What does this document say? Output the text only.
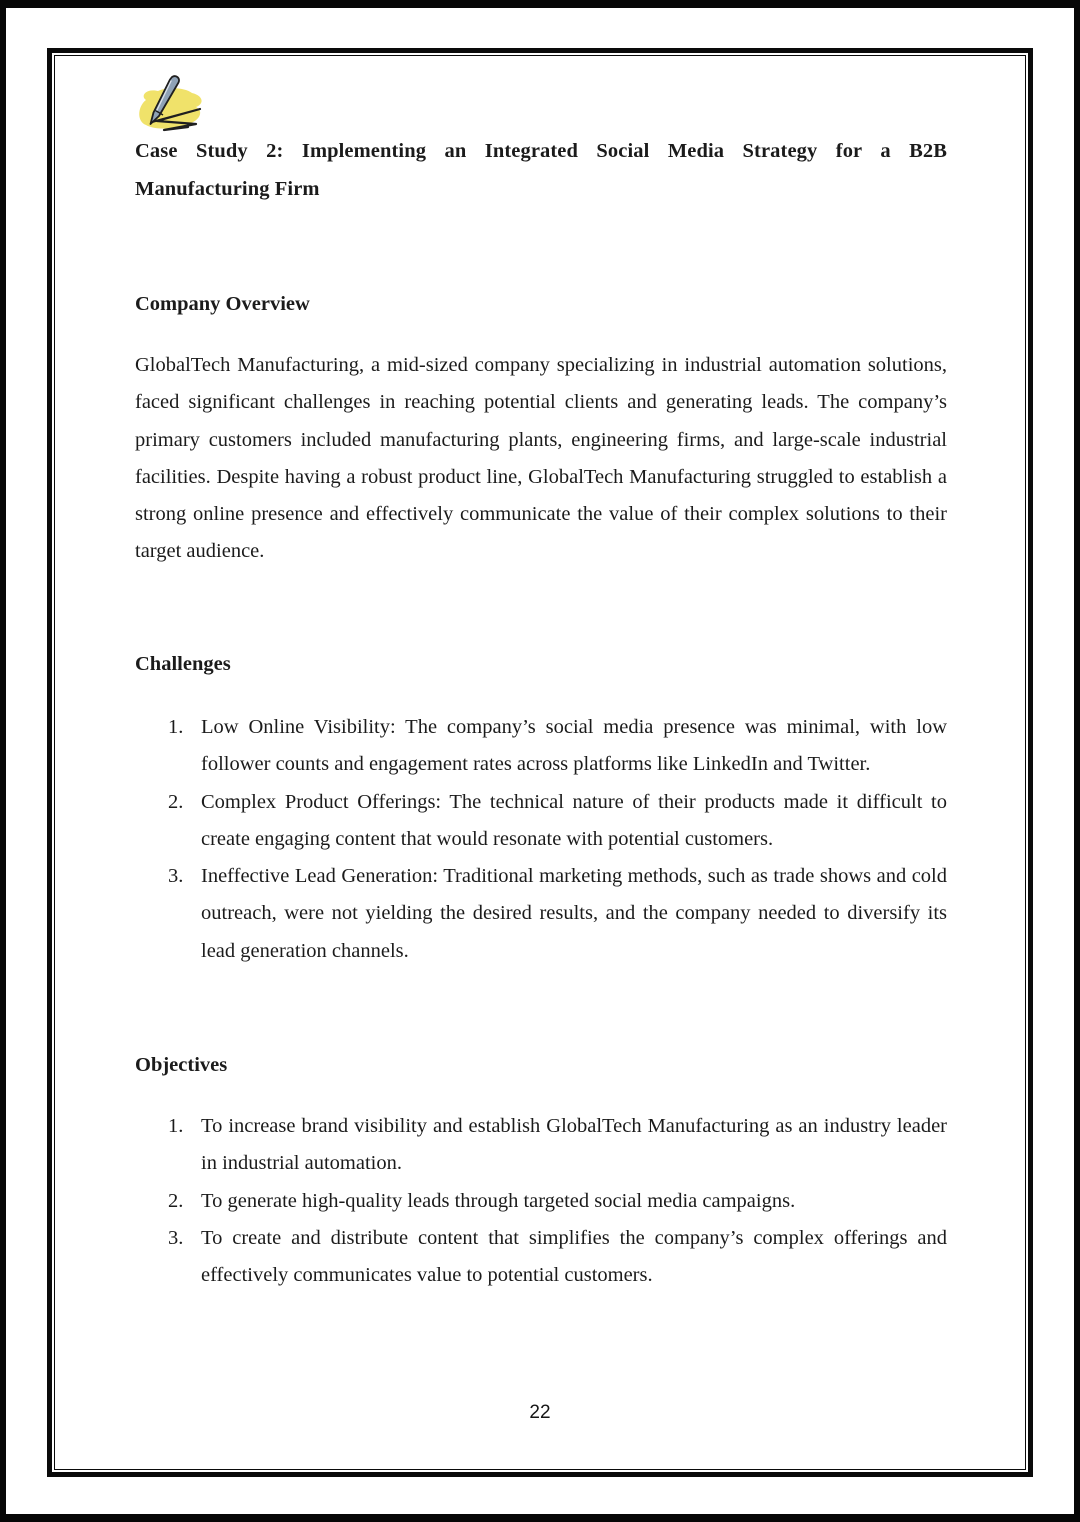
Case Study 2: Implementing an Integrated Social Media Strategy for a B2B
Manufacturing Firm
Company Overview

GlobalTech Manufacturing, a mid-sized company specializing in industrial automation solutions, faced significant challenges in reaching potential clients and generating leads. The company’s primary customers included manufacturing plants, engineering firms, and large-scale industrial facilities. Despite having a robust product line, GlobalTech Manufacturing struggled to establish a strong online presence and effectively communicate the value of their complex solutions to their target audience.

Challenges
1. Low Online Visibility: The company’s social media presence was minimal, with low follower counts and engagement rates across platforms like LinkedIn and Twitter.
2. Complex Product Offerings: The technical nature of their products made it difficult to create engaging content that would resonate with potential customers.
3. Ineffective Lead Generation: Traditional marketing methods, such as trade shows and cold outreach, were not yielding the desired results, and the company needed to diversify its lead generation channels.
Objectives
1. To increase brand visibility and establish GlobalTech Manufacturing as an industry leader in industrial automation.
2. To generate high-quality leads through targeted social media campaigns.
3. To create and distribute content that simplifies the company’s complex offerings and effectively communicates value to potential customers.
22
